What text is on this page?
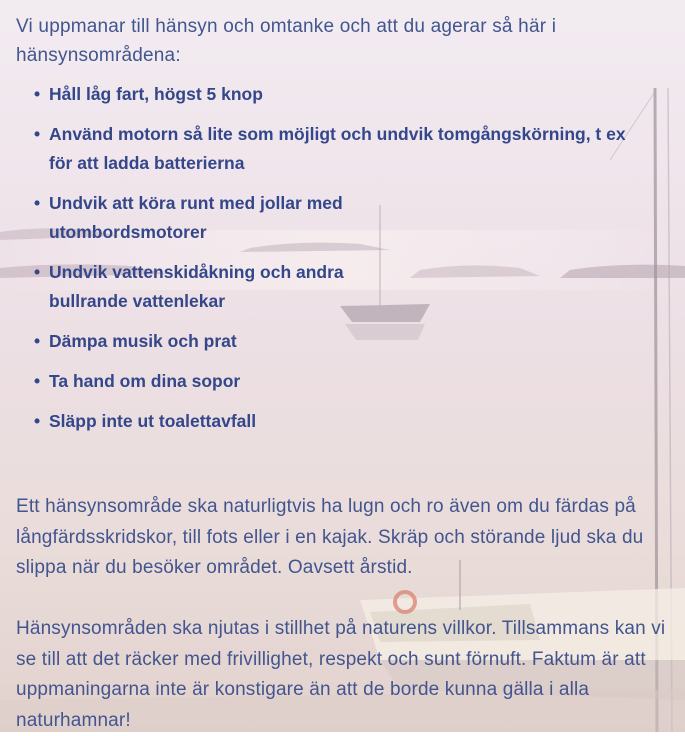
Vi uppmanar till hänsyn och omtanke och att du agerar så här i hänsynsområdena:

• Håll låg fart, högst 5 knop
• Använd motorn så lite som möjligt och undvik tomgångskörning, t ex för att ladda batterierna
• Undvik att köra runt med jollar med utombordsmotorer
• Undvik vattenskidåkning och andra bullrande vattenlekar
• Dämpa musik och prat
• Ta hand om dina sopor
• Släpp inte ut toalettavfall

Ett hänsynsområde ska naturligtvis ha lugn och ro även om du färdas på långfärdsskridskor, till fots eller i en kajak. Skräp och störande ljud ska du slippa när du besöker området. Oavsett årstid.

Hänsynsområden ska njutas i stillhet på naturens villkor. Tillsammans kan vi se till att det räcker med frivillighet, respekt och sunt förnuft. Faktum är att uppmaningarna inte är konstigare än att de borde kunna gälla i alla naturhamnar!
